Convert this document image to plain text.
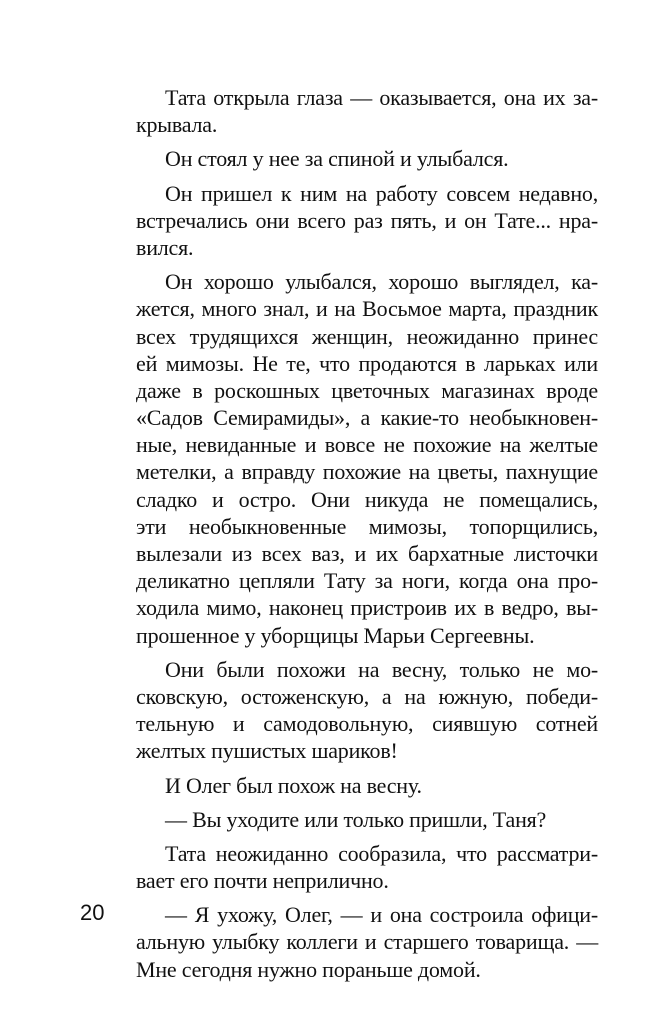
Тата открыла глаза — оказывается, она их за-
крывала.
Он стоял у нее за спиной и улыбался.
Он пришел к ним на работу совсем недавно,
встречались они всего раз пять, и он Тате... нра-
вился.
Он хорошо улыбался, хорошо выглядел, ка-
жется, много знал, и на Восьмое марта, праздник
всех трудящихся женщин, неожиданно принес
ей мимозы. Не те, что продаются в ларьках или
даже в роскошных цветочных магазинах вроде
«Садов Семирамиды», а какие-то необыкновен-
ные, невиданные и вовсе не похожие на желтые
метелки, а вправду похожие на цветы, пахнущие
сладко и остро. Они никуда не помещались,
эти необыкновенные мимозы, топорщились,
вылезали из всех ваз, и их бархатные листочки
деликатно цепляли Тату за ноги, когда она про-
ходила мимо, наконец пристроив их в ведро, вы-
прошенное у уборщицы Марьи Сергеевны.
Они были похожи на весну, только не мо-
сковскую, остоженскую, а на южную, победи-
тельную и самодовольную, сиявшую сотней
желтых пушистых шариков!
И Олег был похож на весну.
— Вы уходите или только пришли, Таня?
Тата неожиданно сообразила, что рассматри-
вает его почти неприлично.
— Я ухожу, Олег, — и она состроила офици-
альную улыбку коллеги и старшего товарища. —
Мне сегодня нужно пораньше домой.
20
